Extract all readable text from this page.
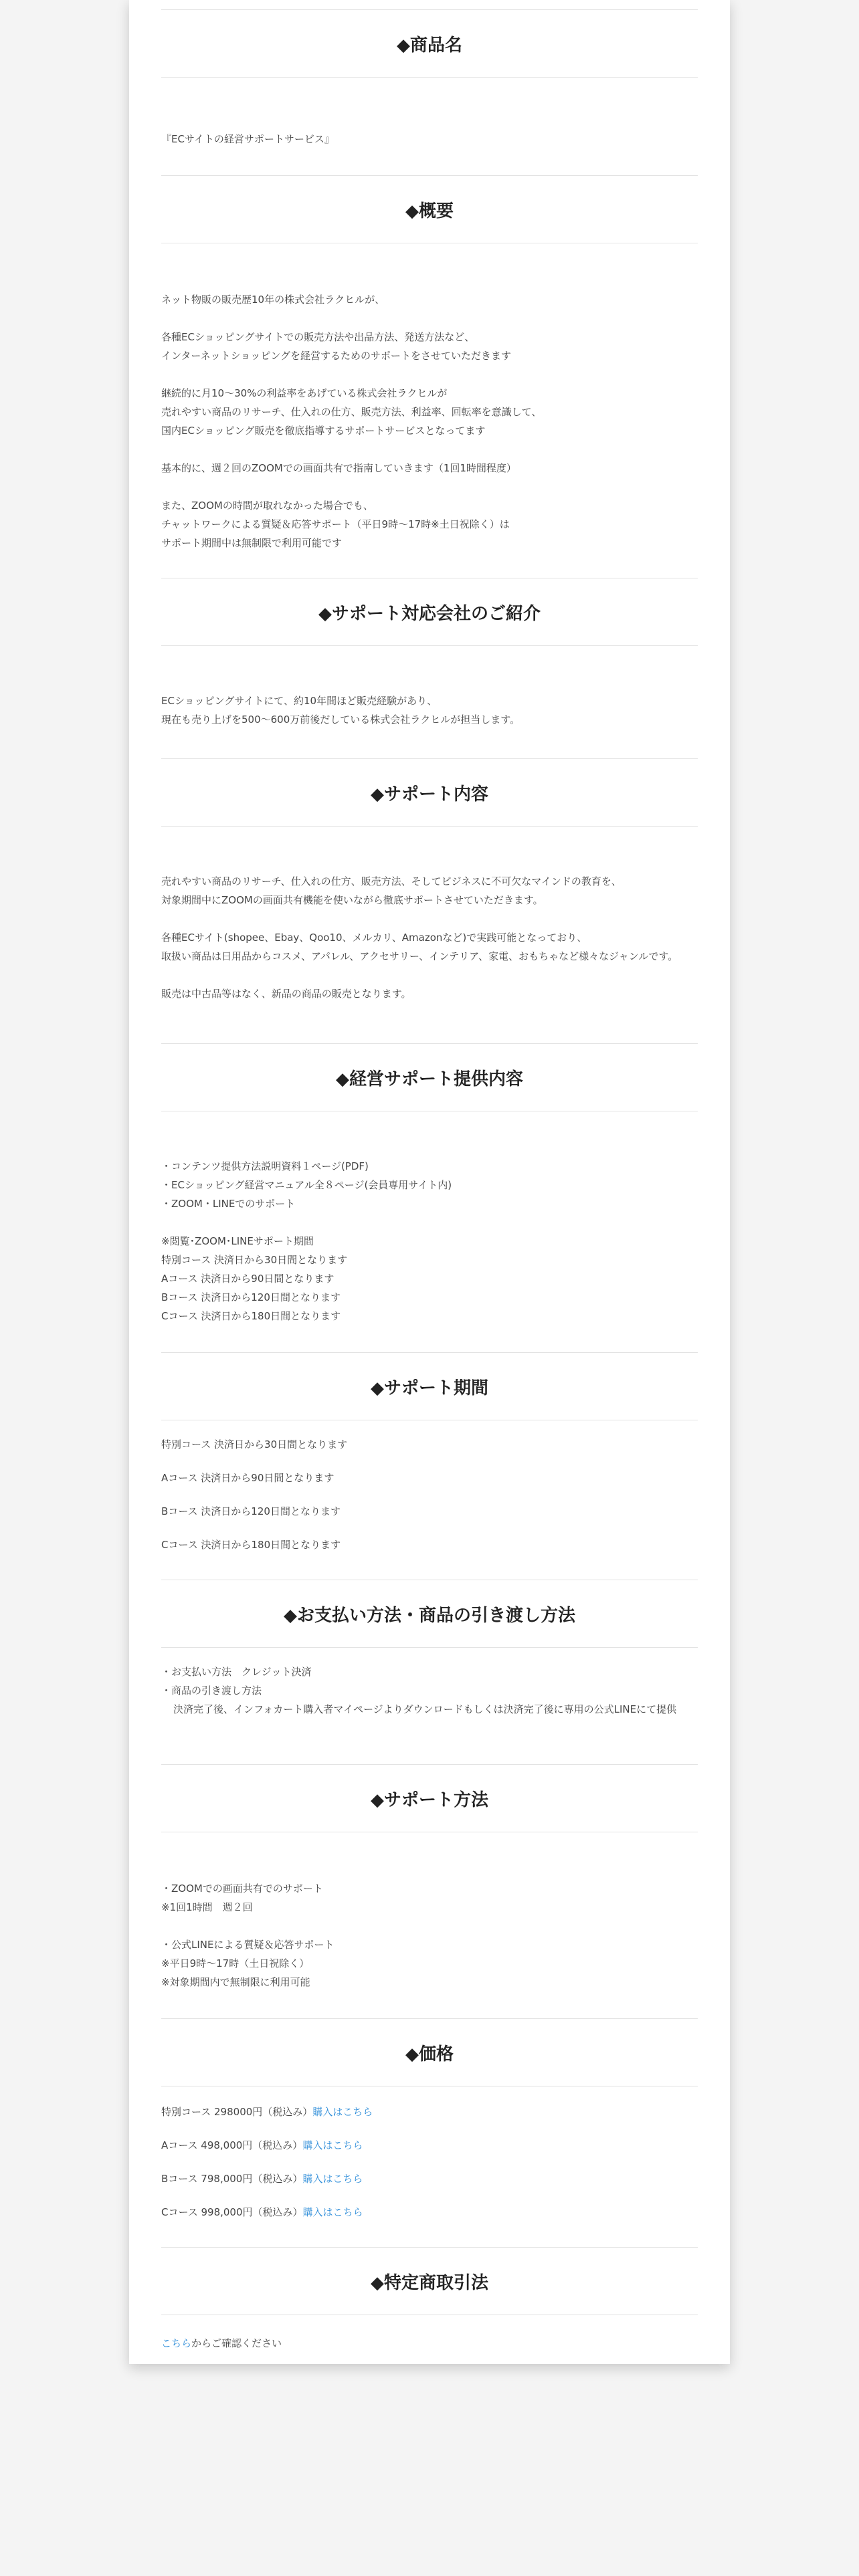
◆商品名
『ECサイトの経営サポートサービス』
◆概要
ネット物販の販売歴10年の株式会社ラクヒルが、
各種ECショッピングサイトでの販売方法や出品方法、発送方法など、
インターネットショッピングを経営するためのサポートをさせていただきます
継続的に月10～30%の利益率をあげている株式会社ラクヒルが
売れやすい商品のリサーチ、仕入れの仕方、販売方法、利益率、回転率を意識して、
国内ECショッピング販売を徹底指導するサポートサービスとなってます
基本的に、週２回のZOOMでの画面共有で指南していきます（1回1時間程度）
また、ZOOMの時間が取れなかった場合でも、
チャットワークによる質疑＆応答サポート（平日9時～17時※土日祝除く）は
サポート期間中は無制限で利用可能です
◆サポート対応会社のご紹介
ECショッピングサイトにて、約10年間ほど販売経験があり、
現在も売り上げを500～600万前後だしている株式会社ラクヒルが担当します。
◆サポート内容
売れやすい商品のリサーチ、仕入れの仕方、販売方法、そしてビジネスに不可欠なマインドの教育を、
対象期間中にZOOMの画面共有機能を使いながら徹底サポートさせていただきます。
各種ECサイト(shopee、Ebay、Qoo10、メルカリ、Amazonなど)で実践可能となっており、
取扱い商品は日用品からコスメ、アパレル、アクセサリー、インテリア、家電、おもちゃなど様々なジャンルです。
販売は中古品等はなく、新品の商品の販売となります。
◆経営サポート提供内容
・コンテンツ提供方法説明資料１ページ(PDF)
・ECショッピング経営マニュアル全８ページ(会員専用サイト内)
・ZOOM・LINEでのサポート
※閲覧･ZOOM･LINEサポート期間
特別コース 決済日から30日間となります
Aコース 決済日から90日間となります
Bコース 決済日から120日間となります
Cコース 決済日から180日間となります
◆サポート期間
特別コース 決済日から30日間となります
Aコース 決済日から90日間となります
Bコース 決済日から120日間となります
Cコース 決済日から180日間となります
◆お支払い方法・商品の引き渡し方法
・お支払い方法　クレジット決済
・商品の引き渡し方法
決済完了後、インフォカート購入者マイページよりダウンロードもしくは決済完了後に専用の公式LINEにて提供
◆サポート方法
・ZOOMでの画面共有でのサポート
※1回1時間　週２回
・公式LINEによる質疑＆応答サポート
※平日9時～17時（土日祝除く）
※対象期間内で無制限に利用可能
◆価格
特別コース 298000円（税込み）購入はこちら
Aコース 498,000円（税込み）購入はこちら
Bコース 798,000円（税込み）購入はこちら
Cコース 998,000円（税込み）購入はこちら
◆特定商取引法
こちらからご確認ください
